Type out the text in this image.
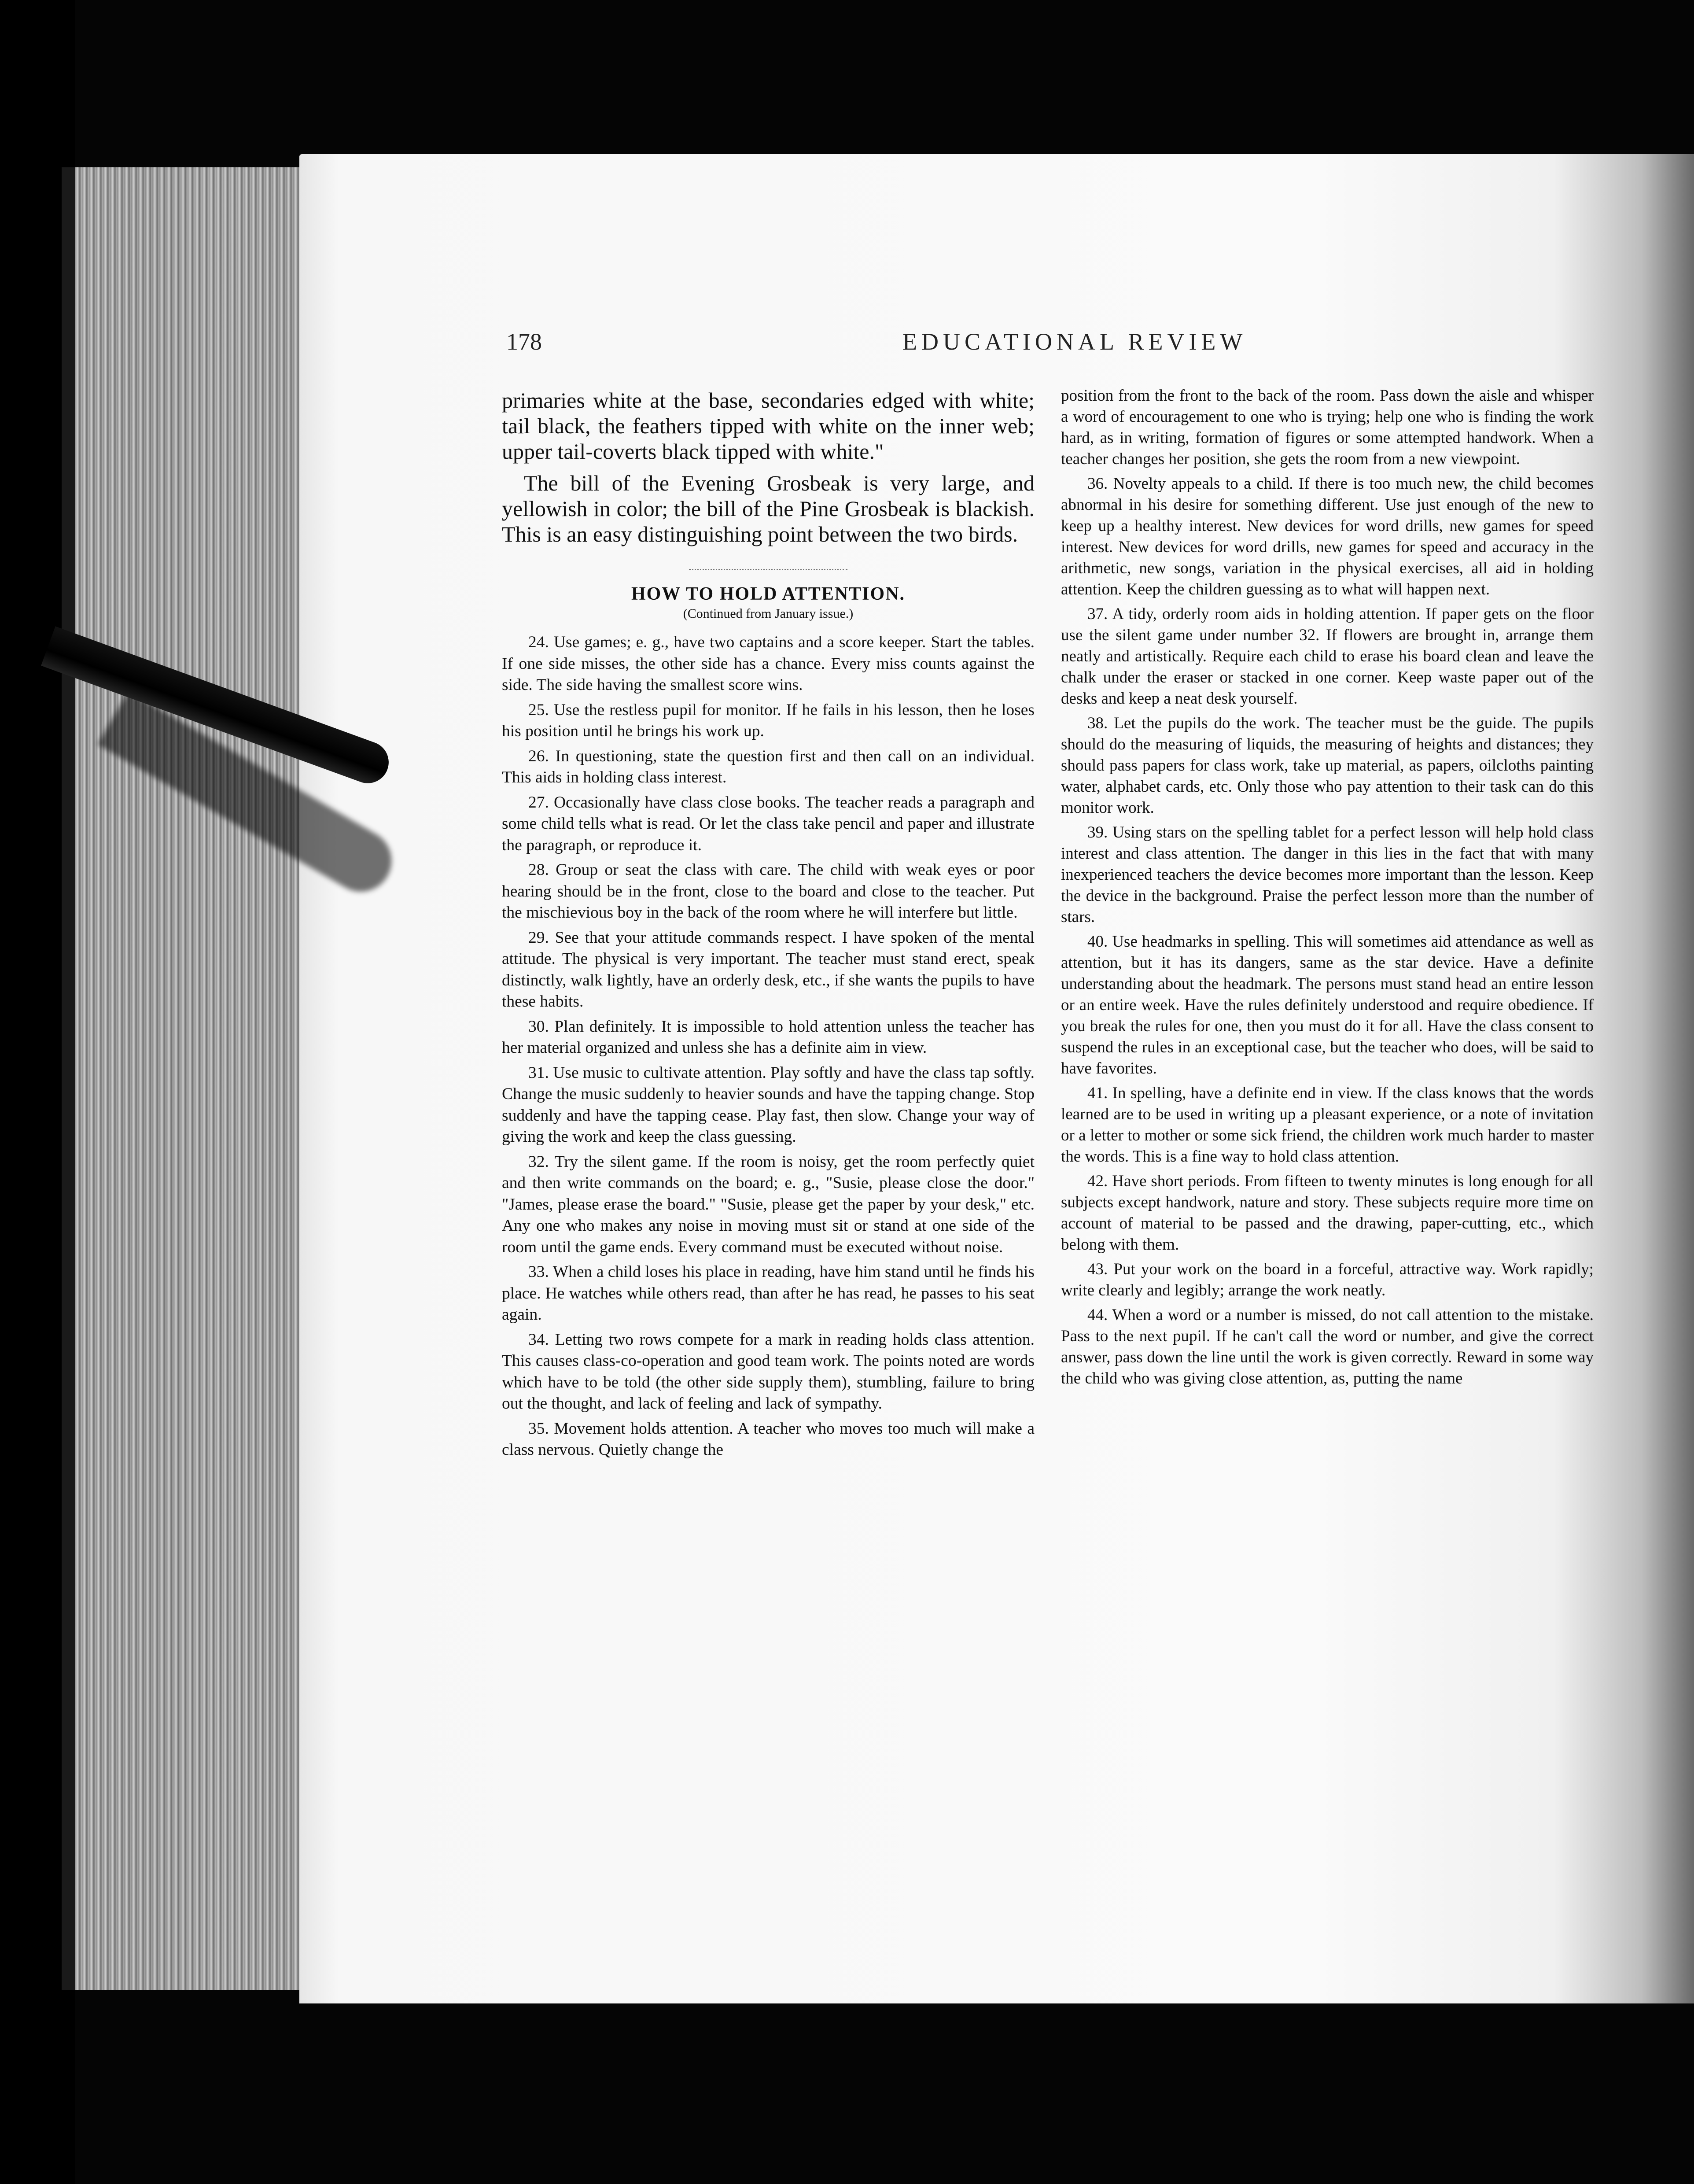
178	EDUCATIONAL REVIEW

primaries white at the base, secondaries edged with white; tail black, the feathers tipped with white on the inner web; upper tail-coverts black tipped with white."

The bill of the Evening Grosbeak is very large, and yellowish in color; the bill of the Pine Grosbeak is blackish. This is an easy distinguishing point between the two birds.

HOW TO HOLD ATTENTION.
(Continued from January issue.)

24. Use games; e. g., have two captains and a score keeper. Start the tables. If one side misses, the other side has a chance. Every miss counts against the side. The side having the smallest score wins.

25. Use the restless pupil for monitor. If he fails in his lesson, then he loses his position until he brings his work up.

26. In questioning, state the question first and then call on an individual. This aids in holding class interest.

27. Occasionally have class close books. The teacher reads a paragraph and some child tells what is read. Or let the class take pencil and paper and illustrate the paragraph, or reproduce it.

28. Group or seat the class with care. The child with weak eyes or poor hearing should be in the front, close to the board and close to the teacher. Put the mischievious boy in the back of the room where he will interfere but little.

29. See that your attitude commands respect. I have spoken of the mental attitude. The physical is very important. The teacher must stand erect, speak distinctly, walk lightly, have an orderly desk, etc., if she wants the pupils to have these habits.

30. Plan definitely. It is impossible to hold attention unless the teacher has her material organized and unless she has a definite aim in view.

31. Use music to cultivate attention. Play softly and have the class tap softly. Change the music suddenly to heavier sounds and have the tapping change. Stop suddenly and have the tapping cease. Play fast, then slow. Change your way of giving the work and keep the class guessing.

32. Try the silent game. If the room is noisy, get the room perfectly quiet and then write commands on the board; e. g., "Susie, please close the door." "James, please erase the board." "Susie, please get the paper by your desk," etc. Any one who makes any noise in moving must sit or stand at one side of the room until the game ends. Every command must be executed without noise.

33. When a child loses his place in reading, have him stand until he finds his place. He watches while others read, than after he has read, he passes to his seat again.

34. Letting two rows compete for a mark in reading holds class attention. This causes class-co-operation and good team work. The points noted are words which have to be told (the other side supply them), stumbling, failure to bring out the thought, and lack of feeling and lack of sympathy.

35. Movement holds attention. A teacher who moves too much will make a class nervous. Quietly change the

position from the front to the back of the room. Pass down the aisle and whisper a word of encouragement to one who is trying; help one who is finding the work hard, as in writing, formation of figures or some attempted handwork. When a teacher changes her position, she gets the room from a new viewpoint.

36. Novelty appeals to a child. If there is too much new, the child becomes abnormal in his desire for something different. Use just enough of the new to keep up a healthy interest. New devices for word drills, new games for speed interest. New devices for word drills, new games for speed and accuracy in the arithmetic, new songs, variation in the physical exercises, all aid in holding attention. Keep the children guessing as to what will happen next.

37. A tidy, orderly room aids in holding attention. If paper gets on the floor use the silent game under number 32. If flowers are brought in, arrange them neatly and artistically. Require each child to erase his board clean and leave the chalk under the eraser or stacked in one corner. Keep waste paper out of the desks and keep a neat desk yourself.

38. Let the pupils do the work. The teacher must be the guide. The pupils should do the measuring of liquids, the measuring of heights and distances; they should pass papers for class work, take up material, as papers, oilcloths painting water, alphabet cards, etc. Only those who pay attention to their task can do this monitor work.

39. Using stars on the spelling tablet for a perfect lesson will help hold class interest and class attention. The danger in this lies in the fact that with many inexperienced teachers the device becomes more important than the lesson. Keep the device in the background. Praise the perfect lesson more than the number of stars.

40. Use headmarks in spelling. This will sometimes aid attendance as well as attention, but it has its dangers, same as the star device. Have a definite understanding about the headmark. The persons must stand head an entire lesson or an entire week. Have the rules definitely understood and require obedience. If you break the rules for one, then you must do it for all. Have the class consent to suspend the rules in an exceptional case, but the teacher who does, will be said to have favorites.

41. In spelling, have a definite end in view. If the class knows that the words learned are to be used in writing up a pleasant experience, or a note of invitation or a letter to mother or some sick friend, the children work much harder to master the words. This is a fine way to hold class attention.

42. Have short periods. From fifteen to twenty minutes is long enough for all subjects except handwork, nature and story. These subjects require more time on account of material to be passed and the drawing, paper-cutting, etc., which belong with them.

43. Put your work on the board in a forceful, attractive way. Work rapidly; write clearly and legibly; arrange the work neatly.

44. When a word or a number is missed, do not call attention to the mistake. Pass to the next pupil. If he can't call the word or number, and give the correct answer, pass down the line until the work is given correctly. Reward in some way the child who was giving close attention, as, putting the name
